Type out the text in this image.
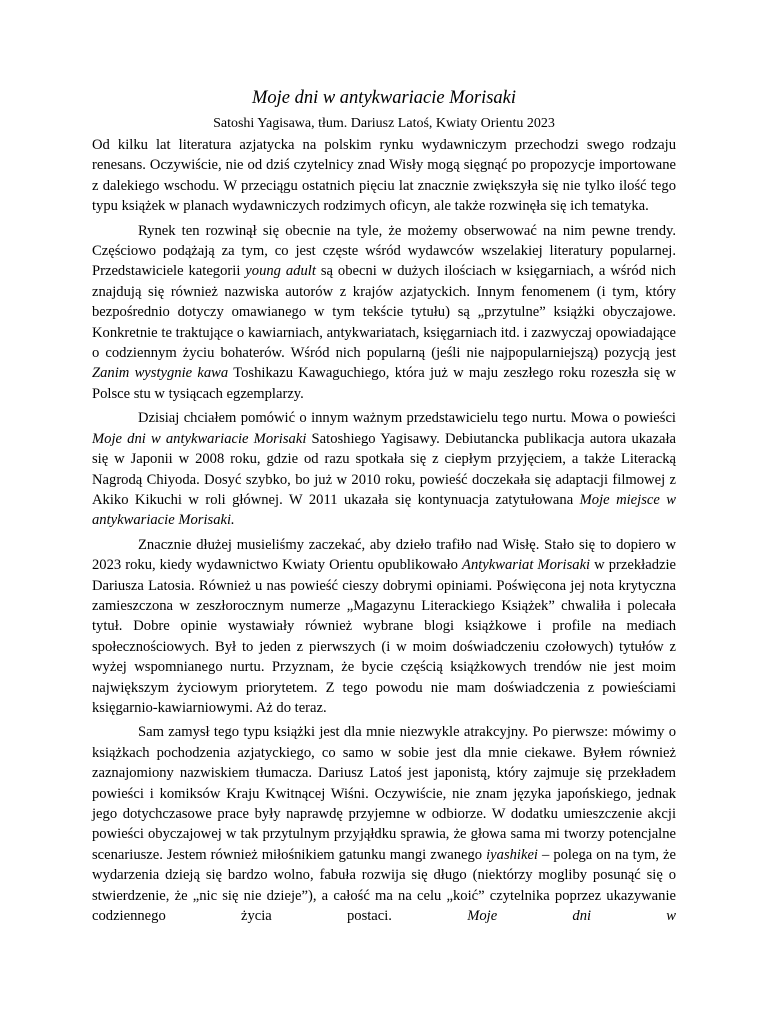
Moje dni w antykwariacie Morisaki
Satoshi Yagisawa, tłum. Dariusz Latoś, Kwiaty Orientu 2023

Od kilku lat literatura azjatycka na polskim rynku wydawniczym przechodzi swego rodzaju renesans. Oczywiście, nie od dziś czytelnicy znad Wisły mogą sięgnąć po propozycje importowane z dalekiego wschodu. W przeciągu ostatnich pięciu lat znacznie zwiększyła się nie tylko ilość tego typu książek w planach wydawniczych rodzimych oficyn, ale także rozwinęła się ich tematyka.

Rynek ten rozwinął się obecnie na tyle, że możemy obserwować na nim pewne trendy. Częściowo podążają za tym, co jest częste wśród wydawców wszelakiej literatury popularnej. Przedstawiciele kategorii young adult są obecni w dużych ilościach w księgarniach, a wśród nich znajdują się również nazwiska autorów z krajów azjatyckich. Innym fenomenem (i tym, który bezpośrednio dotyczy omawianego w tym tekście tytułu) są „przytulne” książki obyczajowe. Konkretnie te traktujące o kawiarniach, antykwariatach, księgarniach itd. i zazwyczaj opowiadające o codziennym życiu bohaterów. Wśród nich popularną (jeśli nie najpopularniejszą) pozycją jest Zanim wystygnie kawa Toshikazu Kawaguchiego, która już w maju zeszłego roku rozeszła się w Polsce stu w tysiącach egzemplarzy.

Dzisiaj chciałem pomówić o innym ważnym przedstawicielu tego nurtu. Mowa o powieści Moje dni w antykwariacie Morisaki Satoshiego Yagisawy. Debiutancka publikacja autora ukazała się w Japonii w 2008 roku, gdzie od razu spotkała się z ciepłym przyjęciem, a także Literacką Nagrodą Chiyoda. Dosyć szybko, bo już w 2010 roku, powieść doczekała się adaptacji filmowej z Akiko Kikuchi w roli głównej. W 2011 ukazała się kontynuacja zatytułowana Moje miejsce w antykwariacie Morisaki.

Znacznie dłużej musieliśmy zaczekać, aby dzieło trafiło nad Wisłę. Stało się to dopiero w 2023 roku, kiedy wydawnictwo Kwiaty Orientu opublikowało Antykwariat Morisaki w przekładzie Dariusza Latosia. Również u nas powieść cieszy dobrymi opiniami. Poświęcona jej nota krytyczna zamieszczona w zeszłorocznym numerze „Magazynu Literackiego Książek” chwaliła i polecała tytuł. Dobre opinie wystawiały również wybrane blogi książkowe i profile na mediach społecznościowych. Był to jeden z pierwszych (i w moim doświadczeniu czołowych) tytułów z wyżej wspomnianego nurtu. Przyznam, że bycie częścią książkowych trendów nie jest moim największym życiowym priorytetem. Z tego powodu nie mam doświadczenia z powieściami księgarnio-kawiarniowymi. Aż do teraz.

Sam zamysł tego typu książki jest dla mnie niezwykle atrakcyjny. Po pierwsze: mówimy o książkach pochodzenia azjatyckiego, co samo w sobie jest dla mnie ciekawe. Byłem również zaznajomiony nazwiskiem tłumacza. Dariusz Latoś jest japonistą, który zajmuje się przekładem powieści i komiksów Kraju Kwitnącej Wiśni. Oczywiście, nie znam języka japońskiego, jednak jego dotychczasowe prace były naprawdę przyjemne w odbiorze. W dodatku umieszczenie akcji powieści obyczajowej w tak przytulnym przyjąłdku sprawia, że głowa sama mi tworzy potencjalne scenariusze. Jestem również miłośnikiem gatunku mangi zwanego iyashikei – polega on na tym, że wydarzenia dzieją się bardzo wolno, fabuła rozwija się długo (niektórzy mogliby posunąć się o stwierdzenie, że „nic się nie dzieje”), a całość ma na celu „koić” czytelnika poprzez ukazywanie codziennego życia postaci. Moje dni w
